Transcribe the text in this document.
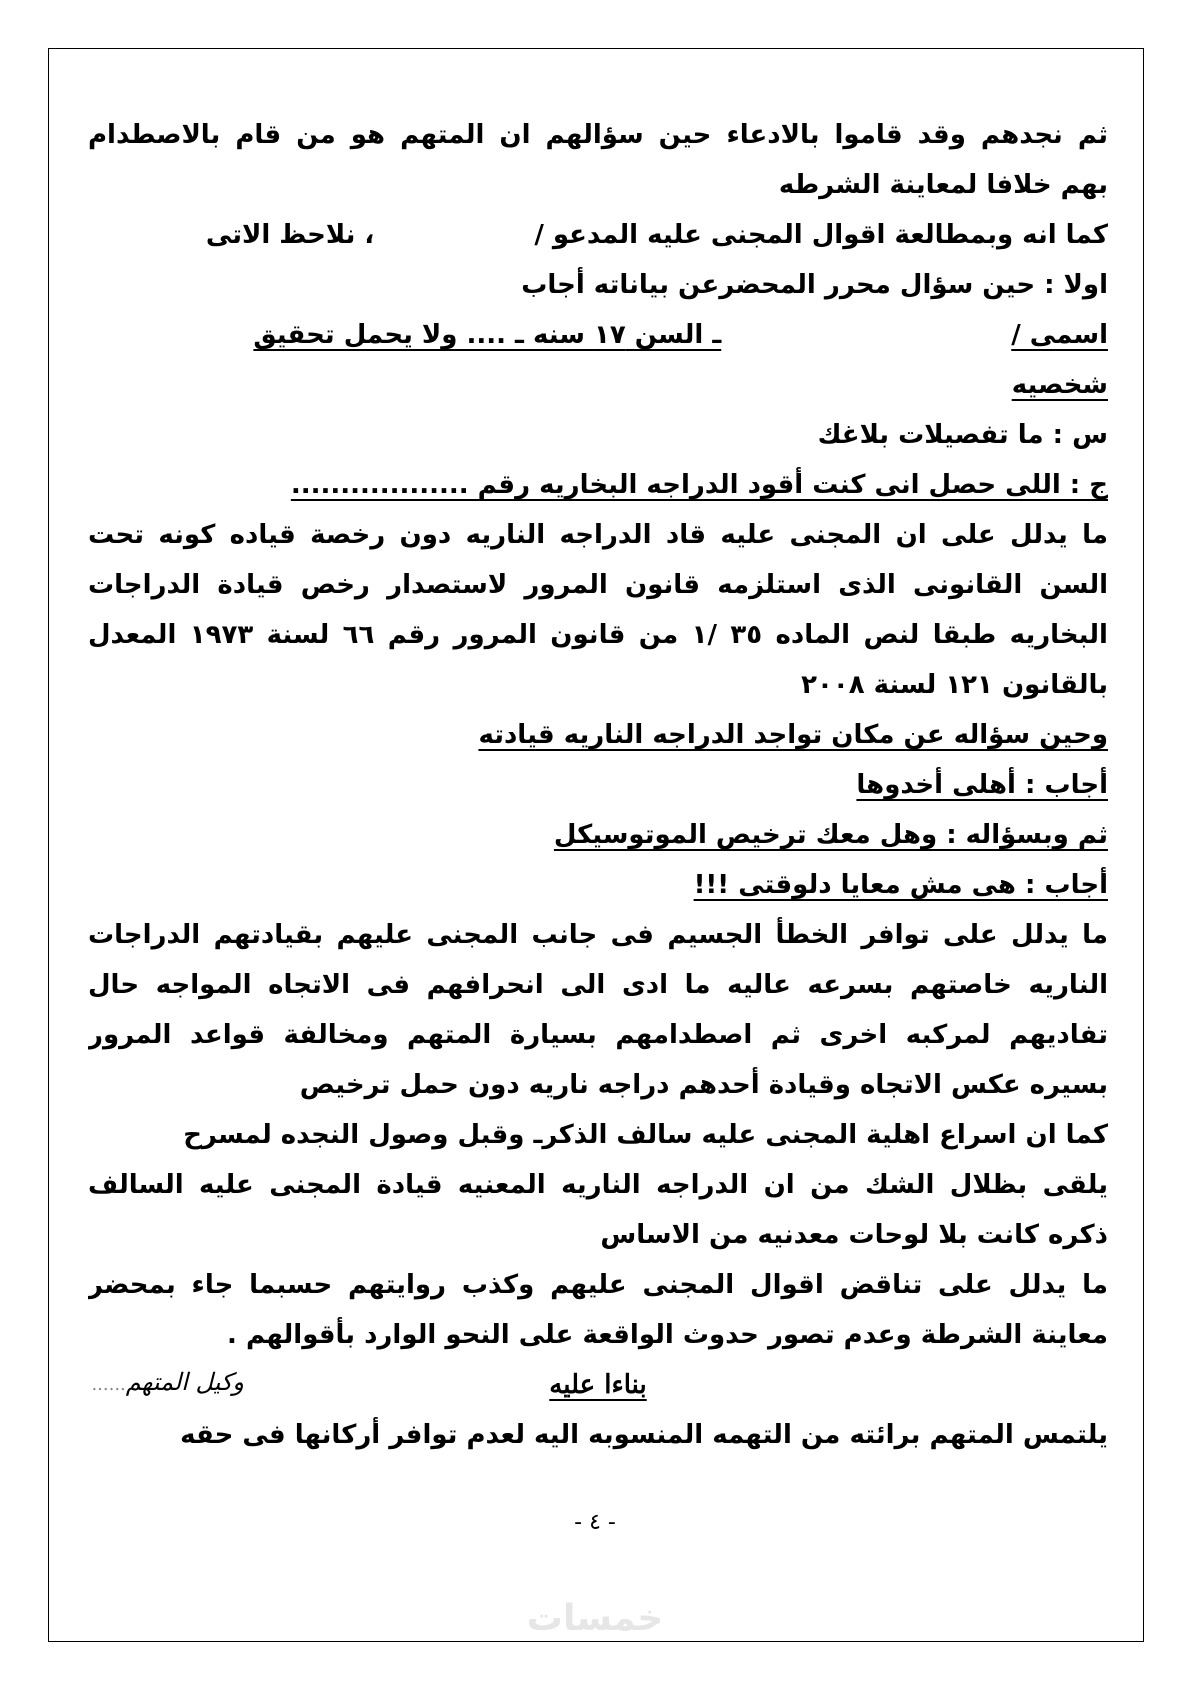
ثم نجدهم وقد قاموا بالادعاء حين سؤالهم ان المتهم هو من قام بالاصطدام
بهم خلافا لمعاينة الشرطه
كما انه وبمطالعة اقوال المجنى عليه المدعو /، نلاحظ الاتى
اولا : حين سؤال محرر المحضرعن بياناته أجاب
اسمى / ـ السن ١٧ سنه ـ .... ولا يحمل تحقيق
شخصيه
س : ما تفصيلات بلاغك
ج : اللى حصل انى كنت أقود الدراجه البخاريه رقم ..................
ما يدلل على ان المجنى عليه قاد الدراجه الناريه دون رخصة قياده كونه تحت
السن القانونى الذى استلزمه قانون المرور لاستصدار رخص قيادة الدراجات
البخاريه طبقا لنص الماده ٣٥ /١ من قانون المرور رقم ٦٦ لسنة ١٩٧٣ المعدل
بالقانون ١٢١ لسنة ٢٠٠٨
وحين سؤاله عن مكان تواجد الدراجه الناريه قيادته
أجاب : أهلى أخدوها
ثم وبسؤاله : وهل معك ترخيص الموتوسيكل
أجاب : هى مش معايا دلوقتى !!!
ما يدلل على توافر الخطأ الجسيم فى جانب المجنى عليهم بقيادتهم الدراجات
الناريه خاصتهم بسرعه عاليه ما ادى الى انحرافهم فى الاتجاه المواجه حال
تفاديهم لمركبه اخرى ثم اصطدامهم بسيارة المتهم ومخالفة قواعد المرور
بسيره عكس الاتجاه وقيادة أحدهم دراجه ناريه دون حمل ترخيص
كما ان اسراع اهلية المجنى عليه سالف الذكرـ وقبل وصول النجده لمسرح
يلقى بظلال الشك من ان الدراجه الناريه المعنيه قيادة المجنى عليه السالف
ذكره كانت بلا لوحات معدنيه من الاساس
ما يدلل على تناقض اقوال المجنى عليهم وكذب روايتهم حسبما جاء بمحضر
معاينة الشرطة وعدم تصور حدوث الواقعة على النحو الوارد بأقوالهم .
بناءا عليه
يلتمس المتهم برائته من التهمه المنسوبه اليه لعدم توافر أركانها فى حقه
وكيل المتهم......
- ٤ -
خمسات
